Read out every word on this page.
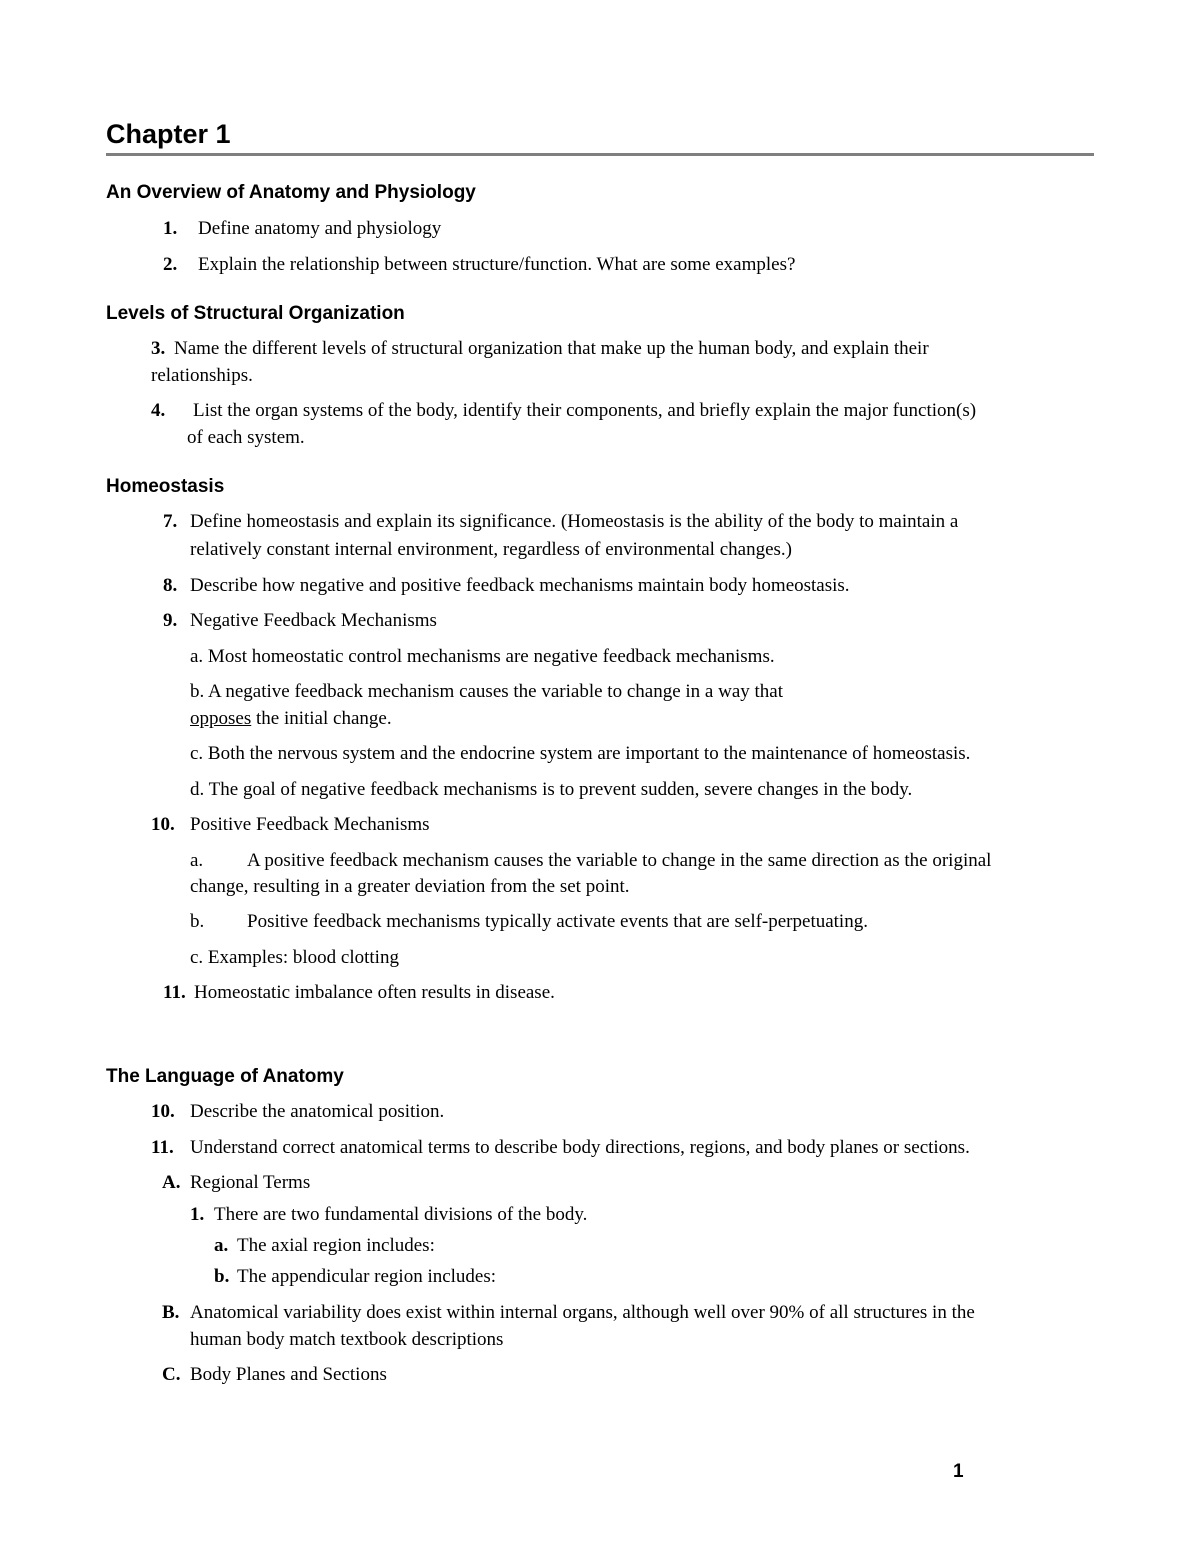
Chapter 1
An Overview of Anatomy and Physiology
1. Define anatomy and physiology
2. Explain the relationship between structure/function. What are some examples?
Levels of Structural Organization
3. Name the different levels of structural organization that make up the human body, and explain their
relationships.
4. List the organ systems of the body, identify their components, and briefly explain the major function(s)
of each system.
Homeostasis
7. Define homeostasis and explain its significance. (Homeostasis is the ability of the body to maintain a
relatively constant internal environment, regardless of environmental changes.)
8. Describe how negative and positive feedback mechanisms maintain body homeostasis.
9. Negative Feedback Mechanisms
a. Most homeostatic control mechanisms are negative feedback mechanisms.
b. A negative feedback mechanism causes the variable to change in a way that
opposes the initial change.
c. Both the nervous system and the endocrine system are important to the maintenance of homeostasis.
d. The goal of negative feedback mechanisms is to prevent sudden, severe changes in the body.
10. Positive Feedback Mechanisms
a. A positive feedback mechanism causes the variable to change in the same direction as the original
change, resulting in a greater deviation from the set point.
b. Positive feedback mechanisms typically activate events that are self-perpetuating.
c. Examples: blood clotting
11. Homeostatic imbalance often results in disease.
The Language of Anatomy
10. Describe the anatomical position.
11. Understand correct anatomical terms to describe body directions, regions, and body planes or sections.
A. Regional Terms
1. There are two fundamental divisions of the body.
a. The axial region includes:
b. The appendicular region includes:
B. Anatomical variability does exist within internal organs, although well over 90% of all structures in the
human body match textbook descriptions
C. Body Planes and Sections
1
